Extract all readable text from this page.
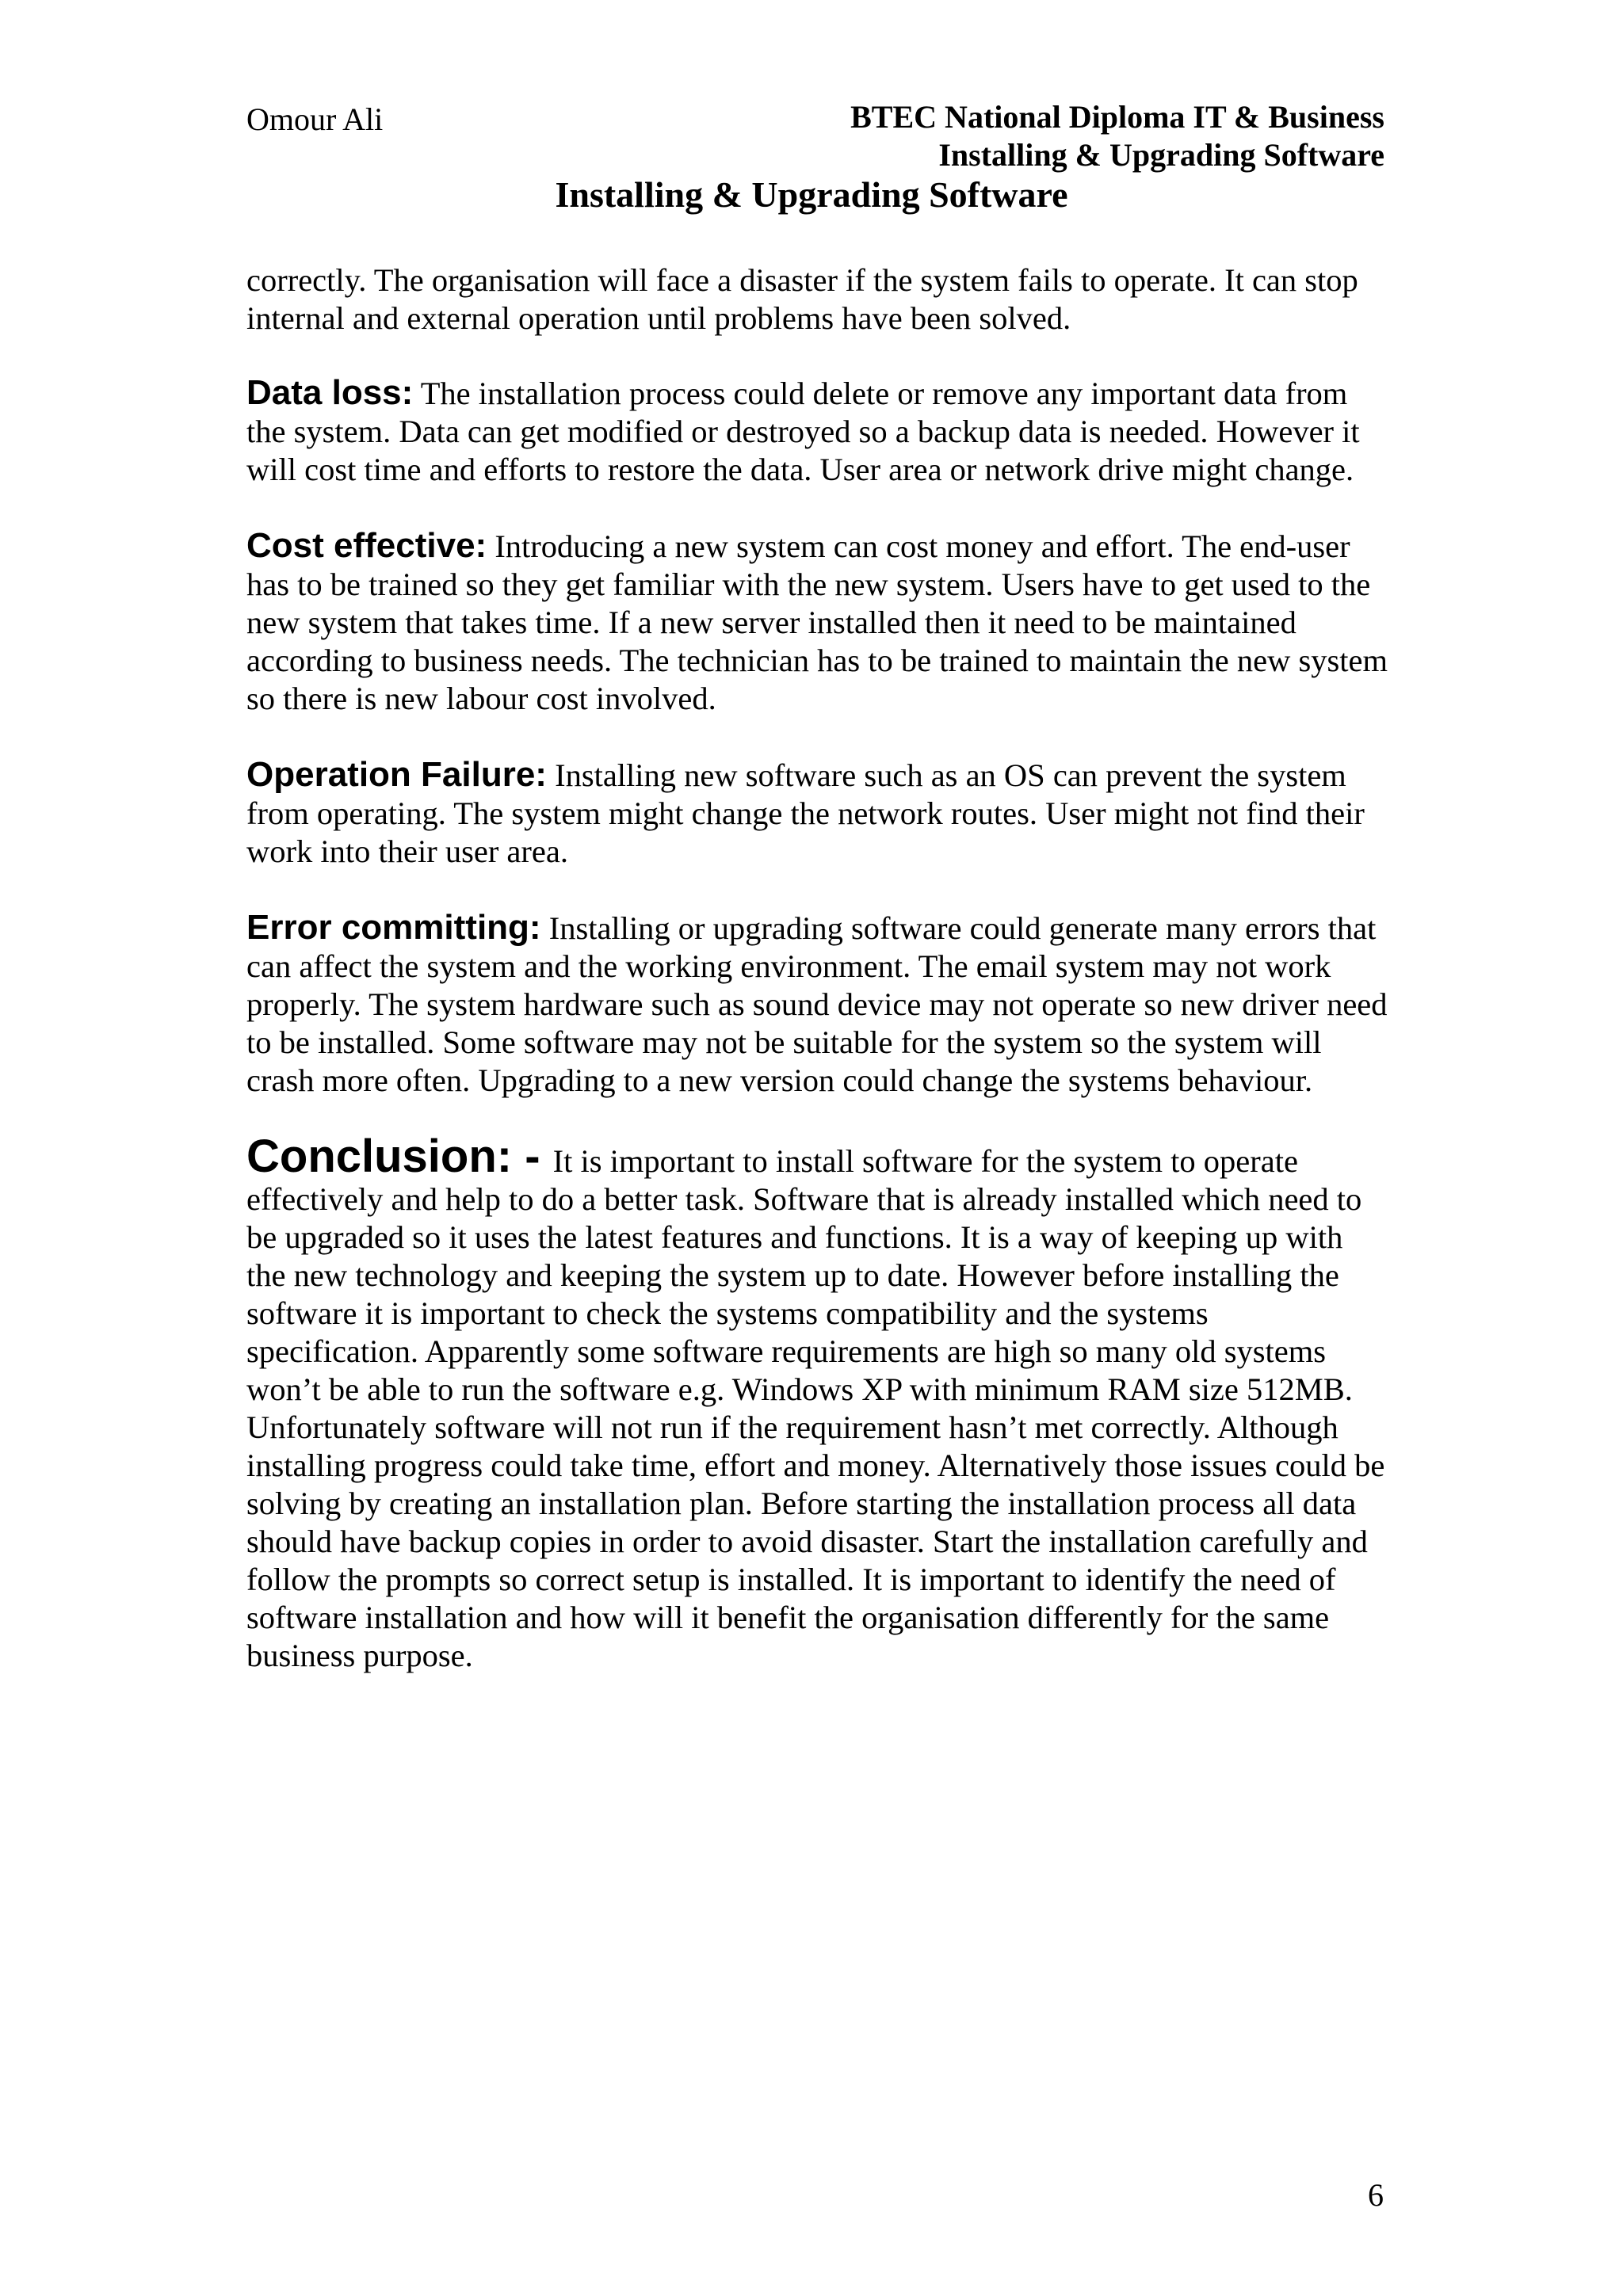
Omour Ali	BTEC National Diploma IT & Business
Installing & Upgrading Software
Installing & Upgrading Software

correctly. The organisation will face a disaster if the system fails to operate. It can stop internal and external operation until problems have been solved.

Data loss: The installation process could delete or remove any important data from the system. Data can get modified or destroyed so a backup data is needed. However it will cost time and efforts to restore the data. User area or network drive might change.

Cost effective: Introducing a new system can cost money and effort. The end-user has to be trained so they get familiar with the new system. Users have to get used to the new system that takes time. If a new server installed then it need to be maintained according to business needs. The technician has to be trained to maintain the new system so there is new labour cost involved.

Operation Failure: Installing new software such as an OS can prevent the system from operating. The system might change the network routes. User might not find their work into their user area.

Error committing: Installing or upgrading software could generate many errors that can affect the system and the working environment. The email system may not work properly. The system hardware such as sound device may not operate so new driver need to be installed. Some software may not be suitable for the system so the system will crash more often. Upgrading to a new version could change the systems behaviour.

Conclusion: - It is important to install software for the system to operate effectively and help to do a better task. Software that is already installed which need to be upgraded so it uses the latest features and functions. It is a way of keeping up with the new technology and keeping the system up to date. However before installing the software it is important to check the systems compatibility and the systems specification. Apparently some software requirements are high so many old systems won’t be able to run the software e.g. Windows XP with minimum RAM size 512MB. Unfortunately software will not run if the requirement hasn’t met correctly. Although installing progress could take time, effort and money. Alternatively those issues could be solving by creating an installation plan. Before starting the installation process all data should have backup copies in order to avoid disaster. Start the installation carefully and follow the prompts so correct setup is installed. It is important to identify the need of software installation and how will it benefit the organisation differently for the same business purpose.

6
